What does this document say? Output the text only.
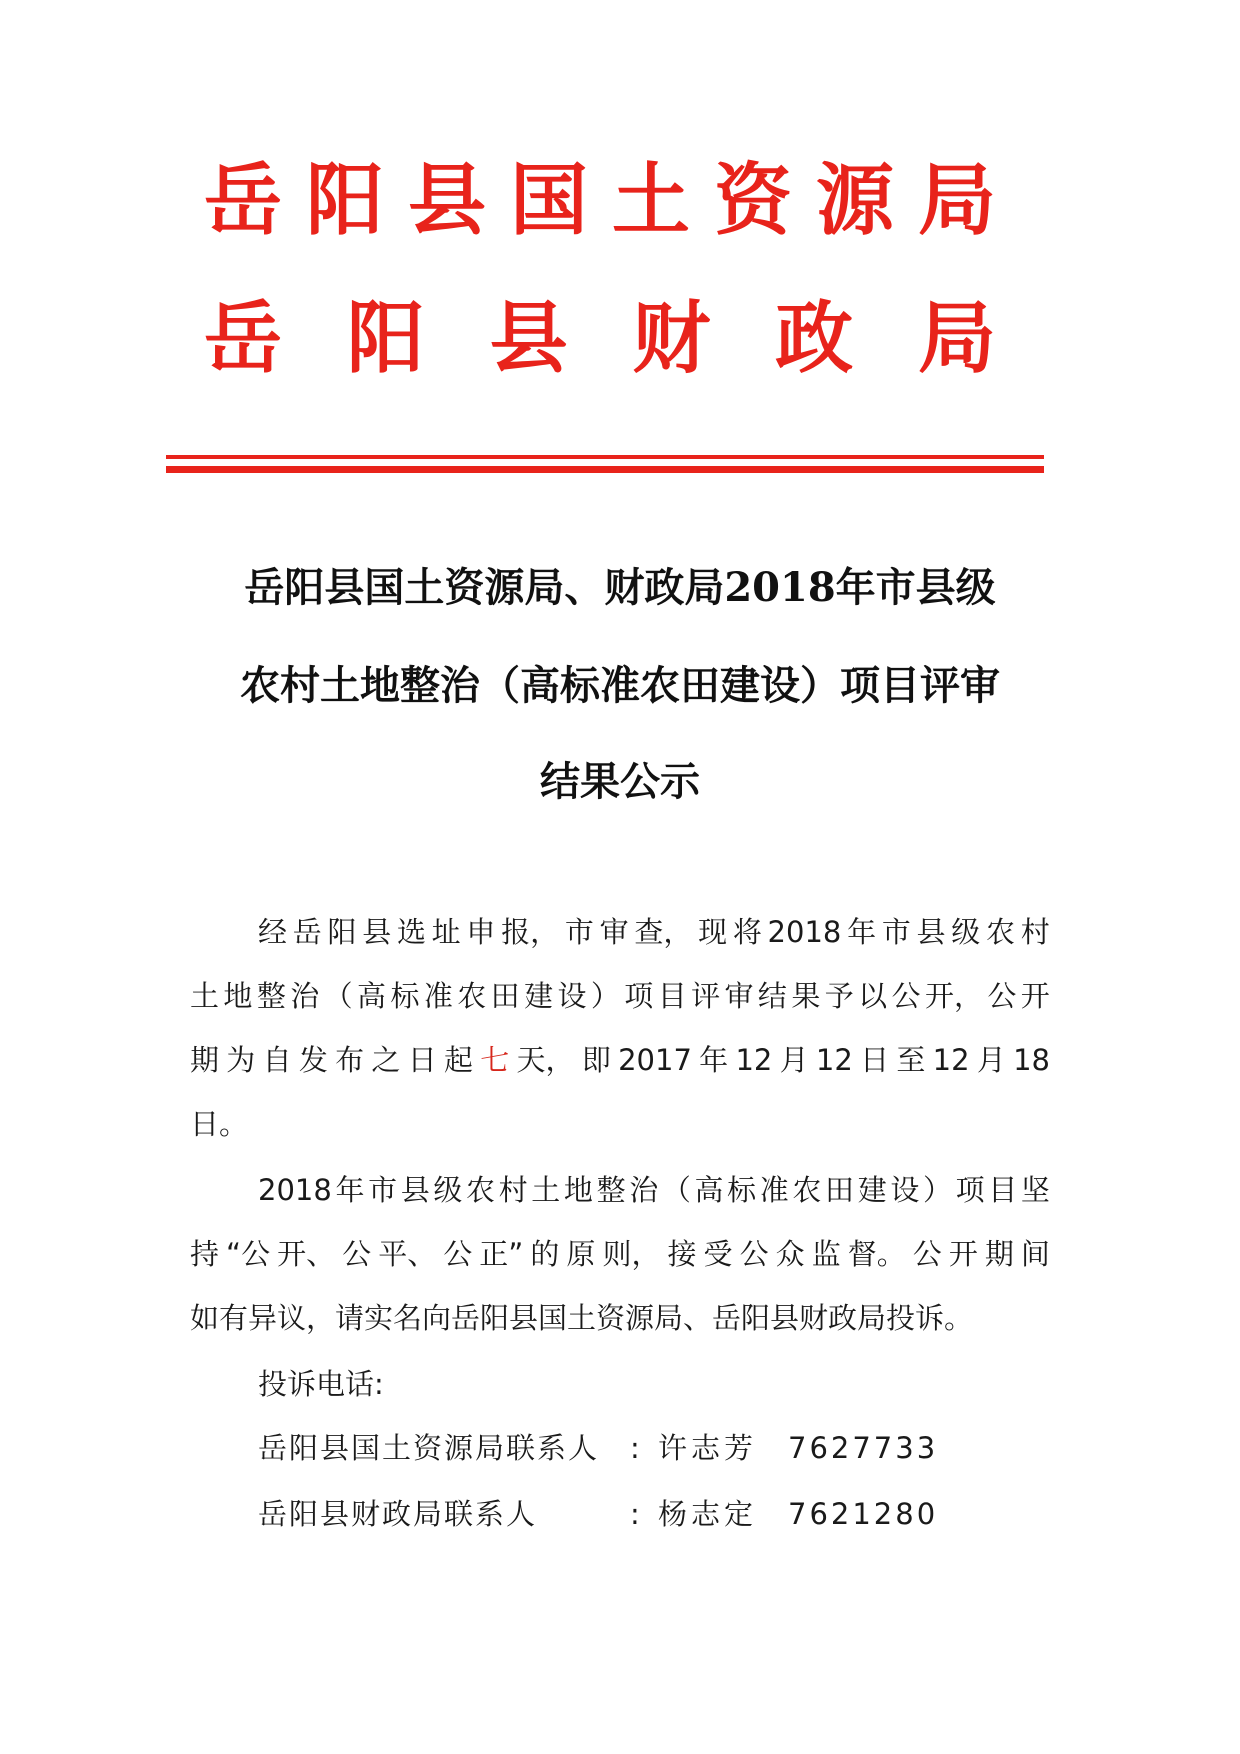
岳 阳 县 国 土 资 源 局
岳 阳 县 财 政 局
岳阳县国土资源局、财政局2018年市县级
农村土地整治（高标准农田建设）项目评审
结果公示
经 岳 阳 县 选 址 申 报， 市 审 查， 现 将 2018 年 市 县 级 农 村
土 地 整 治 （ 高 标 准 农 田 建 设 ） 项 目 评 审 结 果 予 以 公 开， 公 开
期 为 自 发 布 之 日 起 七 天， 即 2017 年 12 月 12 日 至 12 月 18
日。
2018 年 市 县 级 农 村 土 地 整 治 （ 高 标 准 农 田 建 设 ） 项 目 坚
持 “公 开、 公 平、 公 正” 的 原 则， 接 受 公 众 监 督。 公 开 期 间
如有异议，请实名向岳阳县国土资源局、岳阳县财政局投诉。
投诉电话:
岳阳县国土资源局联系人 : 许志芳 7627733
岳阳县财政局联系人	: 杨志定 7621280
